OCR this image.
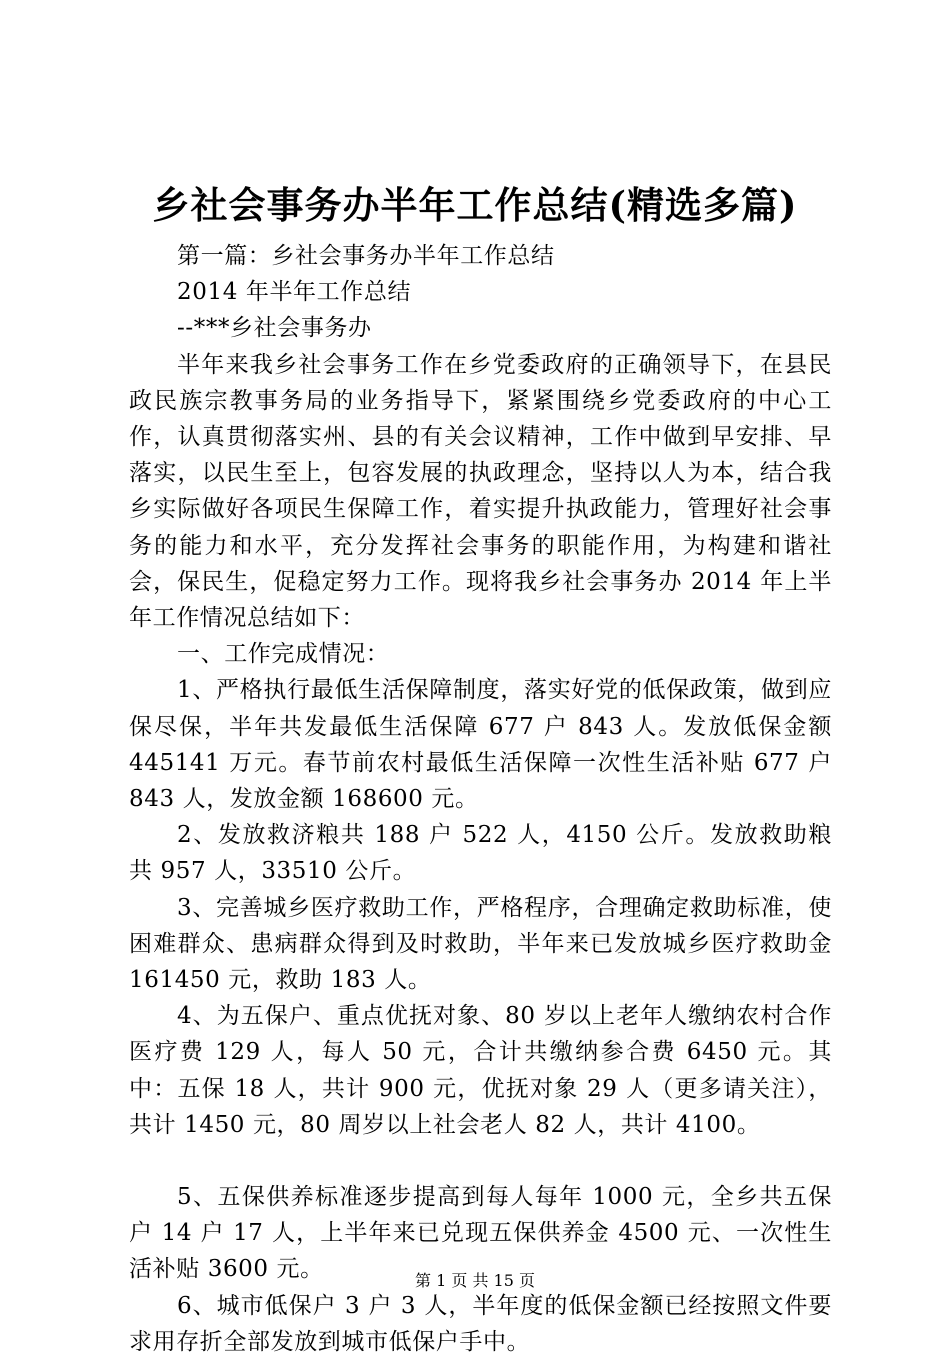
乡社会事务办半年工作总结(精选多篇)

第一篇：乡社会事务办半年工作总结

2014 年半年工作总结

--***乡社会事务办

半年来我乡社会事务工作在乡党委政府的正确领导下，在县民政民族宗教事务局的业务指导下，紧紧围绕乡党委政府的中心工作，认真贯彻落实州、县的有关会议精神，工作中做到早安排、早落实，以民生至上，包容发展的执政理念，坚持以人为本，结合我乡实际做好各项民生保障工作，着实提升执政能力，管理好社会事务的能力和水平，充分发挥社会事务的职能作用，为构建和谐社会，保民生，促稳定努力工作。现将我乡社会事务办 2014 年上半年工作情况总结如下：

一、工作完成情况：

1、严格执行最低生活保障制度，落实好党的低保政策，做到应保尽保，半年共发最低生活保障 677 户 843 人。发放低保金额 445141 万元。春节前农村最低生活保障一次性生活补贴 677 户 843 人，发放金额 168600 元。

2、发放救济粮共 188 户 522 人，4150 公斤。发放救助粮共 957 人，33510 公斤。

3、完善城乡医疗救助工作，严格程序，合理确定救助标准，使困难群众、患病群众得到及时救助，半年来已发放城乡医疗救助金 161450 元，救助 183 人。

4、为五保户、重点优抚对象、80 岁以上老年人缴纳农村合作医疗费 129 人，每人 50 元，合计共缴纳参合费 6450 元。其中：五保 18 人，共计 900 元，优抚对象 29 人（更多请关注），共计 1450 元，80 周岁以上社会老人 82 人，共计 4100。

5、五保供养标准逐步提高到每人每年 1000 元，全乡共五保户 14 户 17 人，上半年来已兑现五保供养金 4500 元、一次性生活补贴 3600 元。

6、城市低保户 3 户 3 人，半年度的低保金额已经按照文件要求用存折全部发放到城市低保户手中。

第 1 页 共 15 页
